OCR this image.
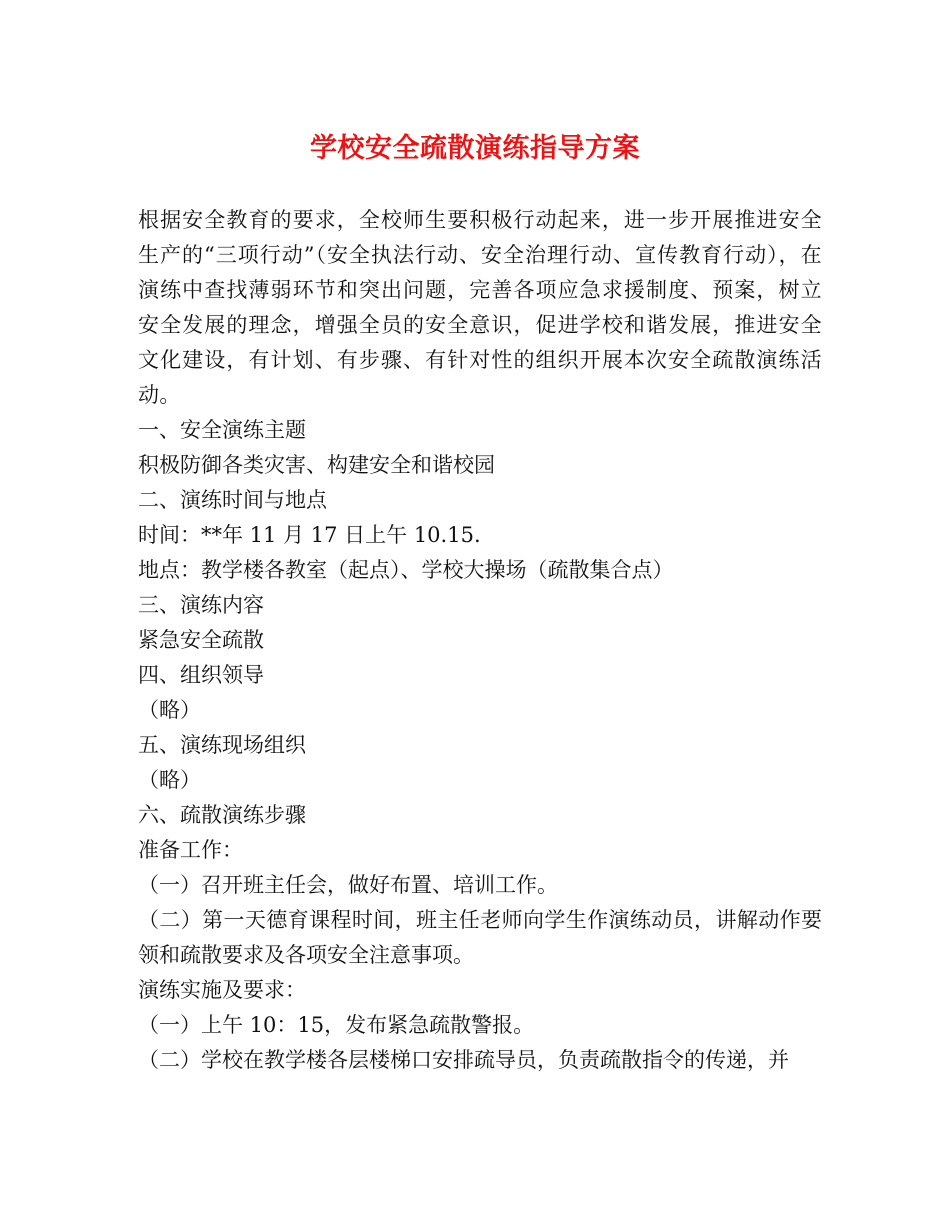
学校安全疏散演练指导方案

根据安全教育的要求，全校师生要积极行动起来，进一步开展推进安全生产的“三项行动”（安全执法行动、安全治理行动、宣传教育行动），在演练中查找薄弱环节和突出问题，完善各项应急求援制度、预案，树立安全发展的理念，增强全员的安全意识，促进学校和谐发展，推进安全文化建设，有计划、有步骤、有针对性的组织开展本次安全疏散演练活动。

一、安全演练主题

积极防御各类灾害、构建安全和谐校园

二、演练时间与地点

时间：**年 11 月 17 日上午 10.15.

地点：教学楼各教室（起点）、学校大操场（疏散集合点）

三、演练内容

紧急安全疏散

四、组织领导

（略）

五、演练现场组织

（略）

六、疏散演练步骤

准备工作：

（一）召开班主任会，做好布置、培训工作。

（二）第一天德育课程时间，班主任老师向学生作演练动员，讲解动作要领和疏散要求及各项安全注意事项。

演练实施及要求：

（一）上午 10：15，发布紧急疏散警报。

（二）学校在教学楼各层楼梯口安排疏导员，负责疏散指令的传递，并
